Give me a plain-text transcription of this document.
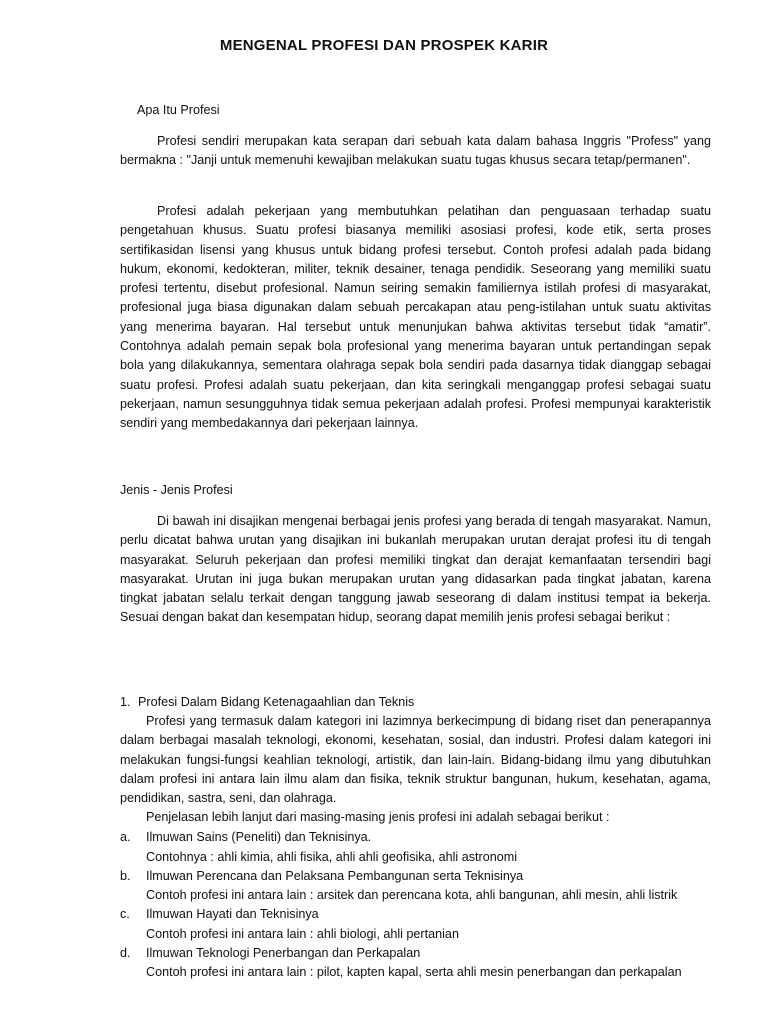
MENGENAL PROFESI DAN PROSPEK KARIR
Apa Itu Profesi
Profesi sendiri merupakan kata serapan dari sebuah kata dalam bahasa Inggris "Profess" yang bermakna : "Janji untuk memenuhi kewajiban melakukan suatu tugas khusus secara tetap/permanen".
Profesi adalah pekerjaan yang membutuhkan pelatihan dan penguasaan terhadap suatu pengetahuan khusus. Suatu profesi biasanya memiliki asosiasi profesi, kode etik, serta proses sertifikasidan lisensi yang khusus untuk bidang profesi tersebut. Contoh profesi adalah pada bidang hukum, ekonomi, kedokteran, militer, teknik desainer, tenaga pendidik. Seseorang yang memiliki suatu profesi tertentu, disebut profesional. Namun seiring semakin familiernya istilah profesi di masyarakat, profesional juga biasa digunakan dalam sebuah percakapan atau peng-istilahan untuk suatu aktivitas yang menerima bayaran. Hal tersebut untuk menunjukan bahwa aktivitas tersebut tidak “amatir”. Contohnya adalah pemain sepak bola profesional yang menerima bayaran untuk pertandingan sepak bola yang dilakukannya, sementara olahraga sepak bola sendiri pada dasarnya tidak dianggap sebagai suatu profesi. Profesi adalah suatu pekerjaan, dan kita seringkali menganggap profesi sebagai suatu pekerjaan, namun sesungguhnya tidak semua pekerjaan adalah profesi. Profesi mempunyai karakteristik sendiri yang membedakannya dari pekerjaan lainnya.
Jenis - Jenis Profesi
Di bawah ini disajikan mengenai berbagai jenis profesi yang berada di tengah masyarakat. Namun, perlu dicatat bahwa urutan yang disajikan ini bukanlah merupakan urutan derajat profesi itu di tengah masyarakat. Seluruh pekerjaan dan profesi memiliki tingkat dan derajat kemanfaatan tersendiri bagi masyarakat. Urutan ini juga bukan merupakan urutan yang didasarkan pada tingkat jabatan, karena tingkat jabatan selalu terkait dengan tanggung jawab seseorang di dalam institusi tempat ia bekerja. Sesuai dengan bakat dan kesempatan hidup, seorang dapat memilih jenis profesi sebagai berikut :
1. Profesi Dalam Bidang Ketenagaahlian dan Teknis
Profesi yang termasuk dalam kategori ini lazimnya berkecimpung di bidang riset dan penerapannya dalam berbagai masalah teknologi, ekonomi, kesehatan, sosial, dan industri. Profesi dalam kategori ini melakukan fungsi-fungsi keahlian teknologi, artistik, dan lain-lain. Bidang-bidang ilmu yang dibutuhkan dalam profesi ini antara lain ilmu alam dan fisika, teknik struktur bangunan, hukum, kesehatan, agama, pendidikan, sastra, seni, dan olahraga.
Penjelasan lebih lanjut dari masing-masing jenis profesi ini adalah sebagai berikut :
a. Ilmuwan Sains (Peneliti) dan Teknisinya.
Contohnya : ahli kimia, ahli fisika, ahli ahli geofisika, ahli astronomi
b. Ilmuwan Perencana dan Pelaksana Pembangunan serta Teknisinya
Contoh profesi ini antara lain : arsitek dan perencana kota, ahli bangunan, ahli mesin, ahli listrik
c. Ilmuwan Hayati dan Teknisinya
Contoh profesi ini antara lain : ahli biologi, ahli pertanian
d. Ilmuwan Teknologi Penerbangan dan Perkapalan
Contoh profesi ini antara lain : pilot, kapten kapal, serta ahli mesin penerbangan dan perkapalan
